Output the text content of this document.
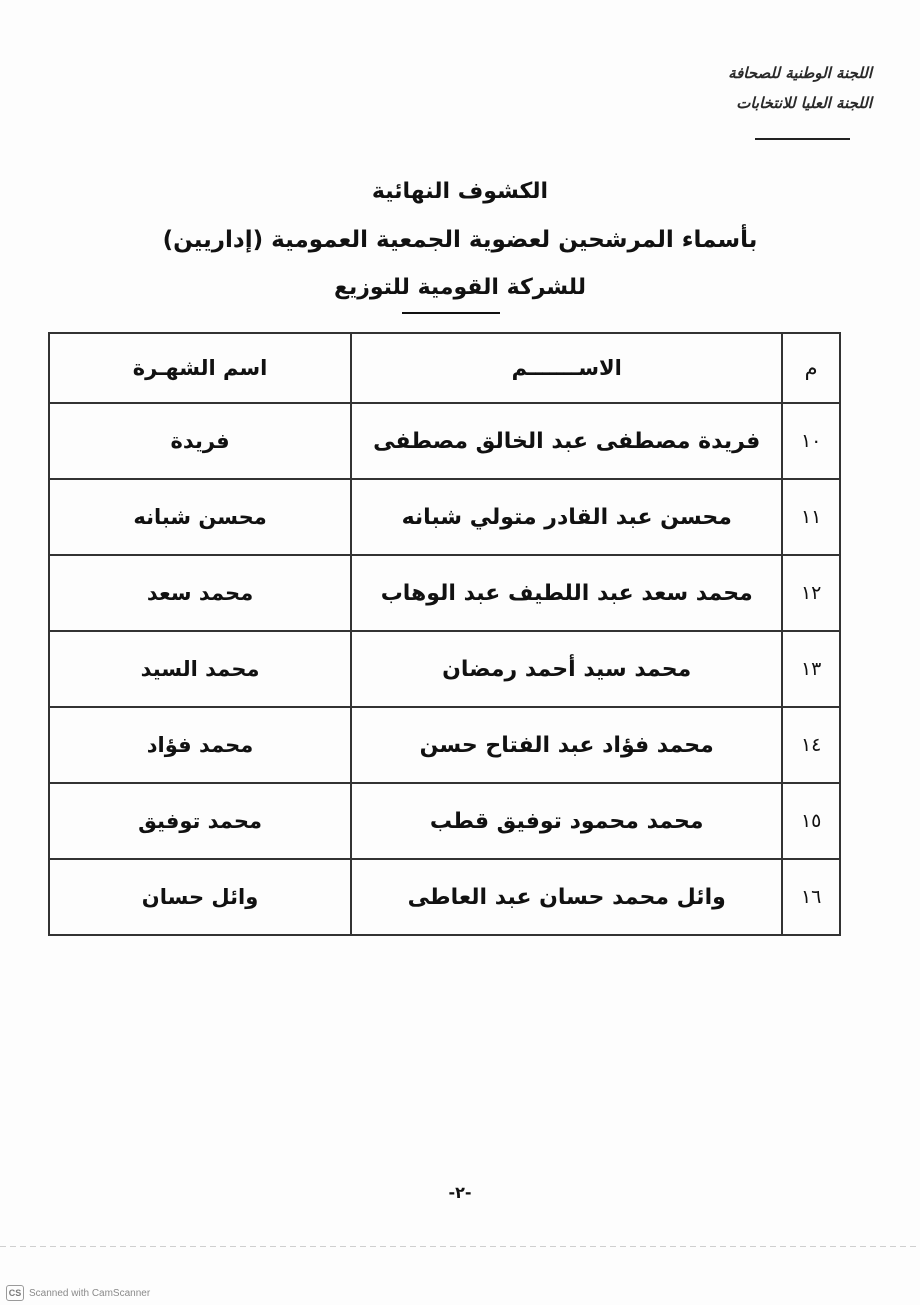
اللجنة الوطنية للصحافة
اللجنة العليا للانتخابات
الكشوف النهائية
بأسماء المرشحين لعضوية الجمعية العمومية (إداريين)
للشركة القومية للتوزيع
م	الاســـــــم	اسم الشهـرة
١٠	فريدة مصطفى عبد الخالق مصطفى	فريدة
١١	محسن عبد القادر متولي شبانه	محسن شبانه
١٢	محمد سعد عبد اللطيف عبد الوهاب	محمد سعد
١٣	محمد سيد أحمد رمضان	محمد السيد
١٤	محمد فؤاد عبد الفتاح حسن	محمد فؤاد
١٥	محمد محمود توفيق قطب	محمد توفيق
١٦	وائل محمد حسان عبد العاطى	وائل حسان
-٢-
CS Scanned with CamScanner
